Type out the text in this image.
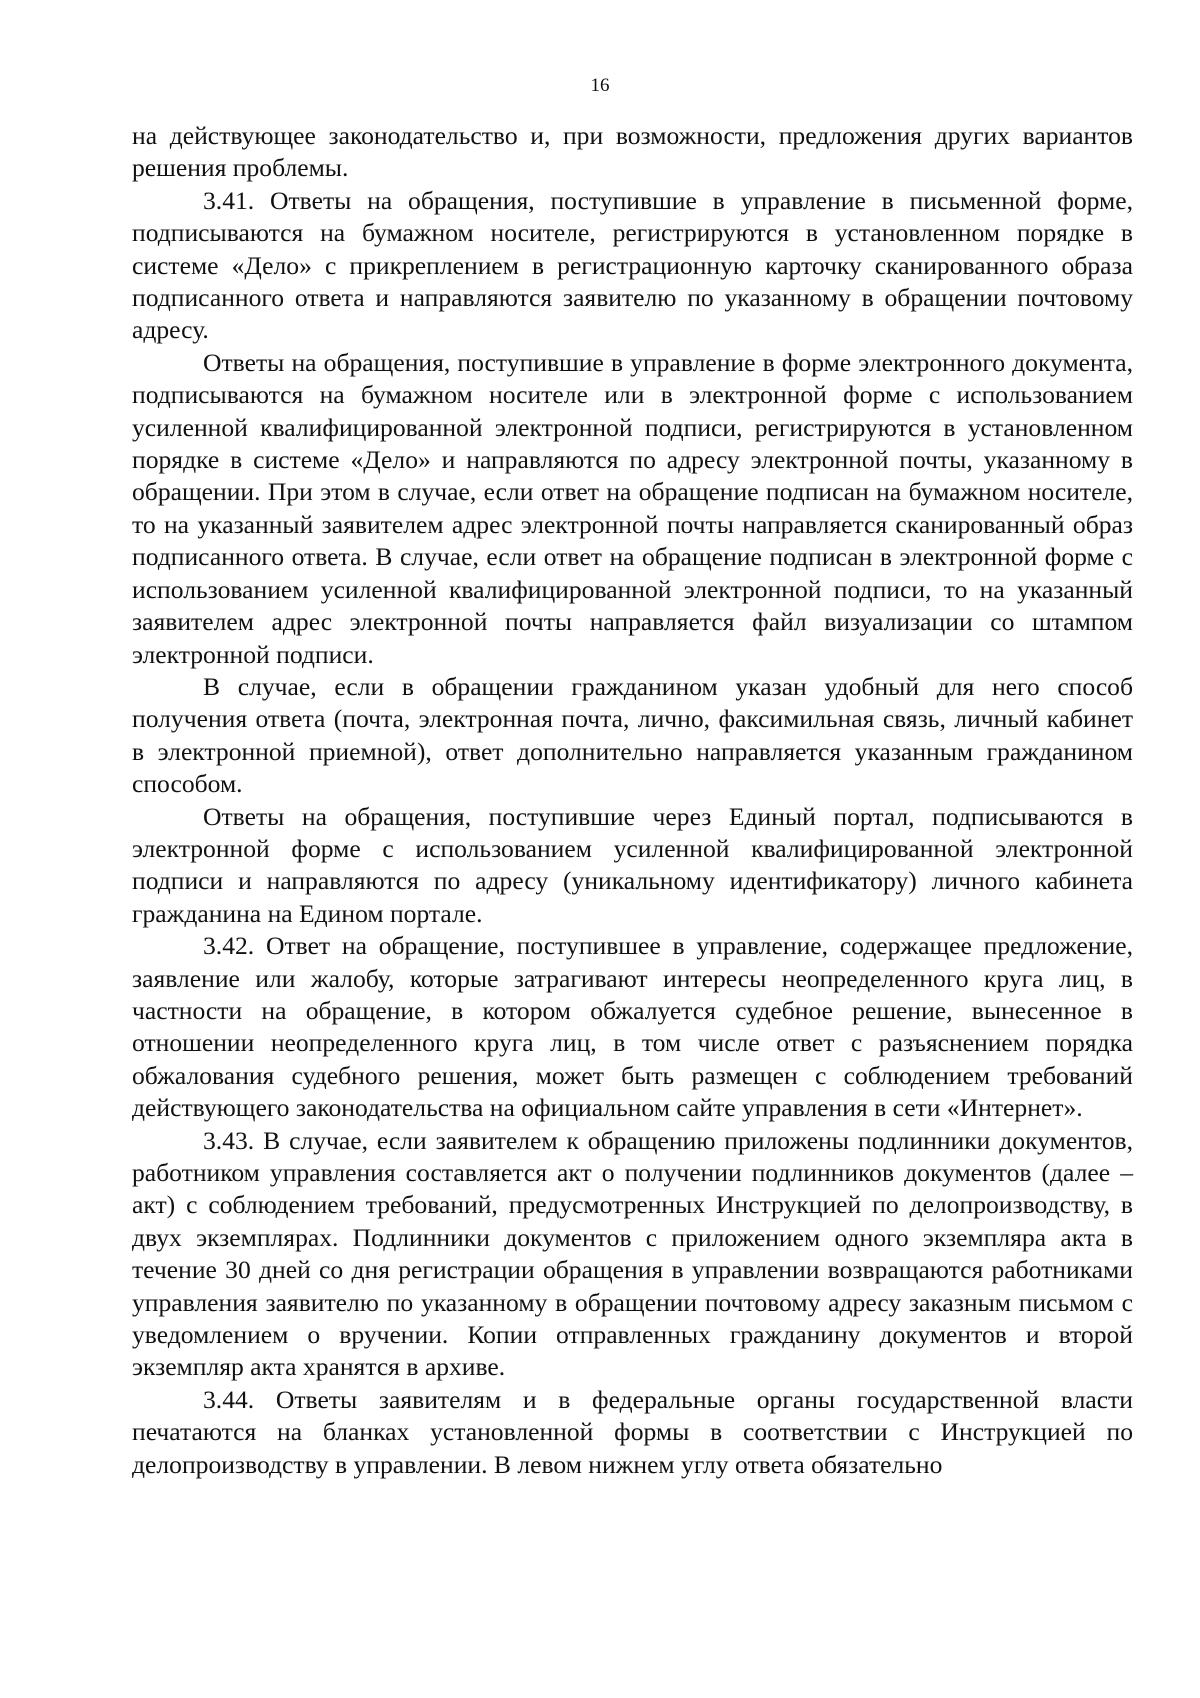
16

на действующее законодательство и, при возможности, предложения других вариантов решения проблемы.

3.41. Ответы на обращения, поступившие в управление в письменной форме, подписываются на бумажном носителе, регистрируются в установленном порядке в системе «Дело» с прикреплением в регистрационную карточку сканированного образа подписанного ответа и направляются заявителю по указанному в обращении почтовому адресу.

Ответы на обращения, поступившие в управление в форме электронного документа, подписываются на бумажном носителе или в электронной форме с использованием усиленной квалифицированной электронной подписи, регистрируются в установленном порядке в системе «Дело» и направляются по адресу электронной почты, указанному в обращении. При этом в случае, если ответ на обращение подписан на бумажном носителе, то на указанный заявителем адрес электронной почты направляется сканированный образ подписанного ответа. В случае, если ответ на обращение подписан в электронной форме с использованием усиленной квалифицированной электронной подписи, то на указанный заявителем адрес электронной почты направляется файл визуализации со штампом электронной подписи.

В случае, если в обращении гражданином указан удобный для него способ получения ответа (почта, электронная почта, лично, факсимильная связь, личный кабинет в электронной приемной), ответ дополнительно направляется указанным гражданином способом.

Ответы на обращения, поступившие через Единый портал, подписываются в электронной форме с использованием усиленной квалифицированной электронной подписи и направляются по адресу (уникальному идентификатору) личного кабинета гражданина на Едином портале.

3.42. Ответ на обращение, поступившее в управление, содержащее предложение, заявление или жалобу, которые затрагивают интересы неопределенного круга лиц, в частности на обращение, в котором обжалуется судебное решение, вынесенное в отношении неопределенного круга лиц, в том числе ответ с разъяснением порядка обжалования судебного решения, может быть размещен с соблюдением требований действующего законодательства на официальном сайте управления в сети «Интернет».

3.43. В случае, если заявителем к обращению приложены подлинники документов, работником управления составляется акт о получении подлинников документов (далее – акт) с соблюдением требований, предусмотренных Инструкцией по делопроизводству, в двух экземплярах. Подлинники документов с приложением одного экземпляра акта в течение 30 дней со дня регистрации обращения в управлении возвращаются работниками управления заявителю по указанному в обращении почтовому адресу заказным письмом с уведомлением о вручении. Копии отправленных гражданину документов и второй экземпляр акта хранятся в архиве.

3.44. Ответы заявителям и в федеральные органы государственной власти печатаются на бланках установленной формы в соответствии с Инструкцией по делопроизводству в управлении. В левом нижнем углу ответа обязательно
